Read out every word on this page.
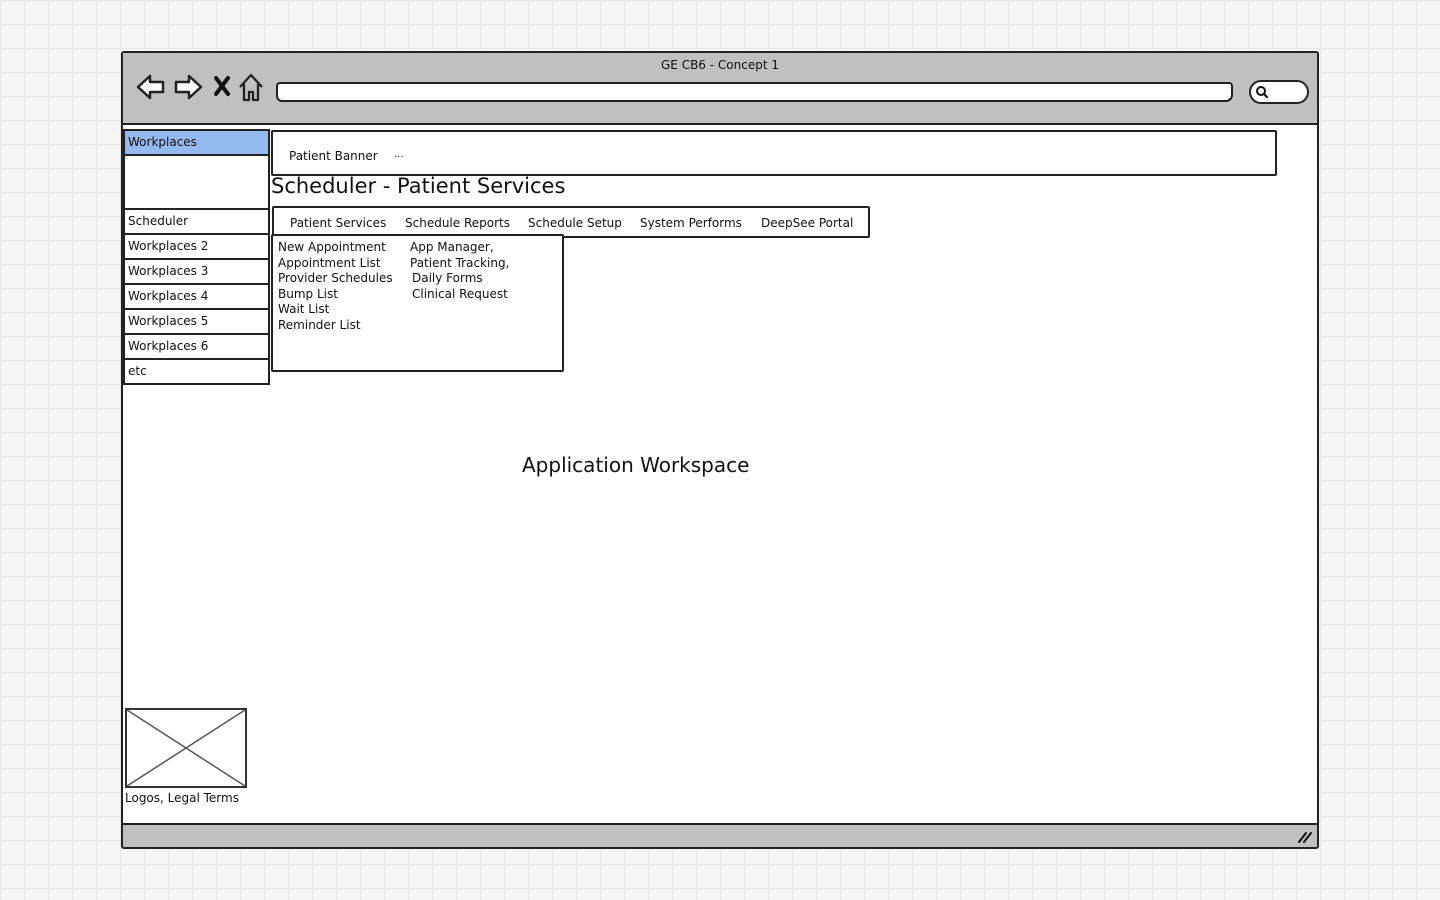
GE CB6 - Concept 1
Workplaces
Scheduler
Workplaces 2
Workplaces 3
Workplaces 4
Workplaces 5
Workplaces 6
etc
Patient Banner ...
Scheduler - Patient Services
Patient Services Schedule Reports Schedule Setup System Performs DeepSee Portal
New Appointment
Appointment List
Provider Schedules
Bump List
Wait List
Reminder List
App Manager,
Patient Tracking,
Daily Forms
Clinical Request
Application Workspace
Logos, Legal Terms
